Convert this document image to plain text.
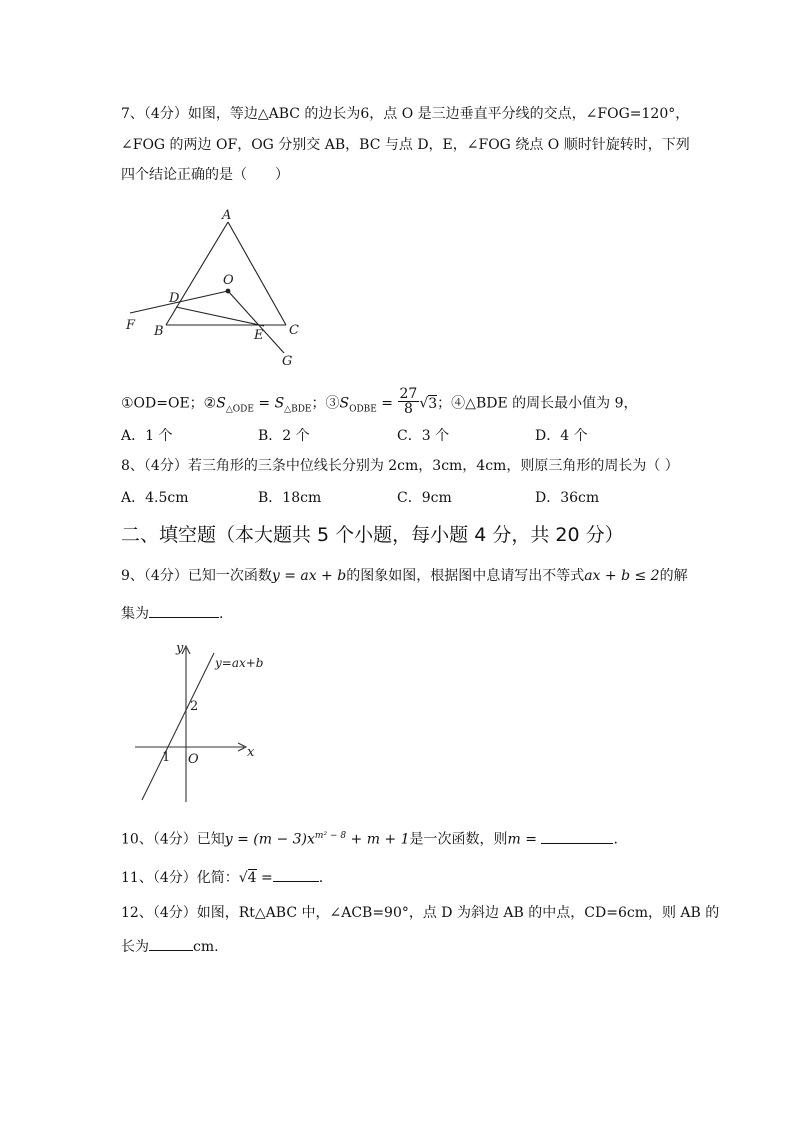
7、（4分）如图，等边△ABC 的边长为6，点 O 是三边垂直平分线的交点，∠FOG=120°，
∠FOG 的两边 OF，OG 分别交 AB，BC 与点 D，E，∠FOG 绕点 O 顺时针旋转时，下列
四个结论正确的是（　　）
A
O
D
F B	E C
G
①OD=OE；$②S_{\triangle ODE} = S_{\triangle BDE}$；$③S_{ODBE} = \frac{27}{8} √3$；④△BDE 的周长最小值为 9，
A．1 个	B．2 个	C．3 个	D．4 个
8、（4分）若三角形的三条中位线长分别为 2cm，3cm，4cm，则原三角形的周长为（ ）
A．4.5cm	B．18cm	C．9cm	D．36cm
二、填空题（本大题共 5 个小题，每小题 4 分，共 20 分）
9、（4分）已知一次函数y = ax + b的图象如图，根据图中息请写出不等式ax + b ≤ 2的解
集为	.
y
x
y=ax+b
2
1 O
10、（4分）已知$y = (m - 3)x^{m^2 - 8} + m + 1$是一次函数，则m =	.
11、（4分）化简：√4 =	.
12、（4分）如图，Rt△ABC 中，∠ACB=90°，点 D 为斜边 AB 的中点，CD=6cm，则 AB 的
长为	cm.
